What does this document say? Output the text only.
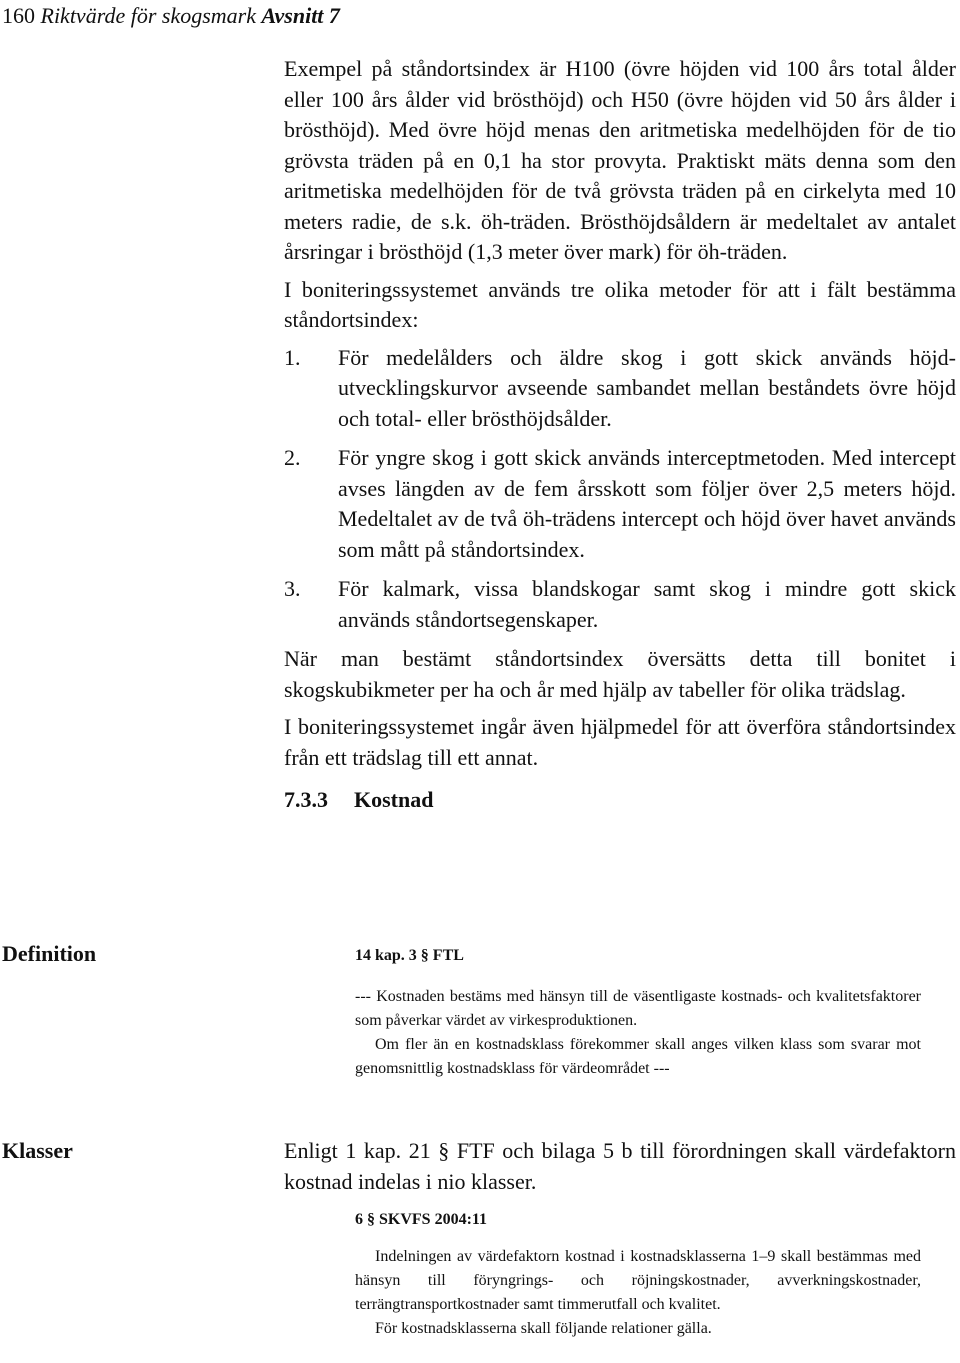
160 Riktvärde för skogsmark Avsnitt 7

Exempel på ståndortsindex är H100 (övre höjden vid 100 års total ålder eller 100 års ålder vid brösthöjd) och H50 (övre höjden vid 50 års ålder i brösthöjd). Med övre höjd menas den aritmetiska medelhöjden för de tio grövsta träden på en 0,1 ha stor provyta. Praktiskt mäts denna som den aritmetiska medelhöjden för de två grövsta träden på en cirkelyta med 10 meters radie, de s.k. öh-träden. Brösthöjdsåldern är medeltalet av antalet årsringar i brösthöjd (1,3 meter över mark) för öh-träden.

I boniteringssystemet används tre olika metoder för att i fält bestämma ståndortsindex:

1.	För medelålders och äldre skog i gott skick används höjdutvecklingskurvor avseende sambandet mellan beståndets övre höjd och total- eller brösthöjdsålder.
2.	För yngre skog i gott skick används interceptmetoden. Med intercept avses längden av de fem årsskott som följer över 2,5 meters höjd. Medeltalet av de två öh-trädens intercept och höjd över havet används som mått på ståndortsindex.
3.	För kalmark, vissa blandskogar samt skog i mindre gott skick används ståndortsegenskaper.

När man bestämt ståndortsindex översätts detta till bonitet i skogskubikmeter per ha och år med hjälp av tabeller för olika trädslag.

I boniteringssystemet ingår även hjälpmedel för att överföra ståndortsindex från ett trädslag till ett annat.

7.3.3 Kostnad
Definition	14 kap. 3 § FTL

--- Kostnaden bestäms med hänsyn till de väsentligaste kostnads- och kvalitetsfaktorer som påverkar värdet av virkesproduktionen.

Om fler än en kostnadsklass förekommer skall anges vilken klass som svarar mot genomsnittlig kostnadsklass för värdeområdet ---

Klasser	Enligt 1 kap. 21 § FTF och bilaga 5 b till förordningen skall värdefaktorn kostnad indelas i nio klasser.

6 § SKVFS 2004:11

Indelningen av värdefaktorn kostnad i kostnadsklasserna 1–9 skall bestämmas med hänsyn till föryngrings- och röjningskostnader, avverkningskostnader, terrängtransportkostnader samt timmerutfall och kvalitet.

För kostnadsklasserna skall följande relationer gälla.
